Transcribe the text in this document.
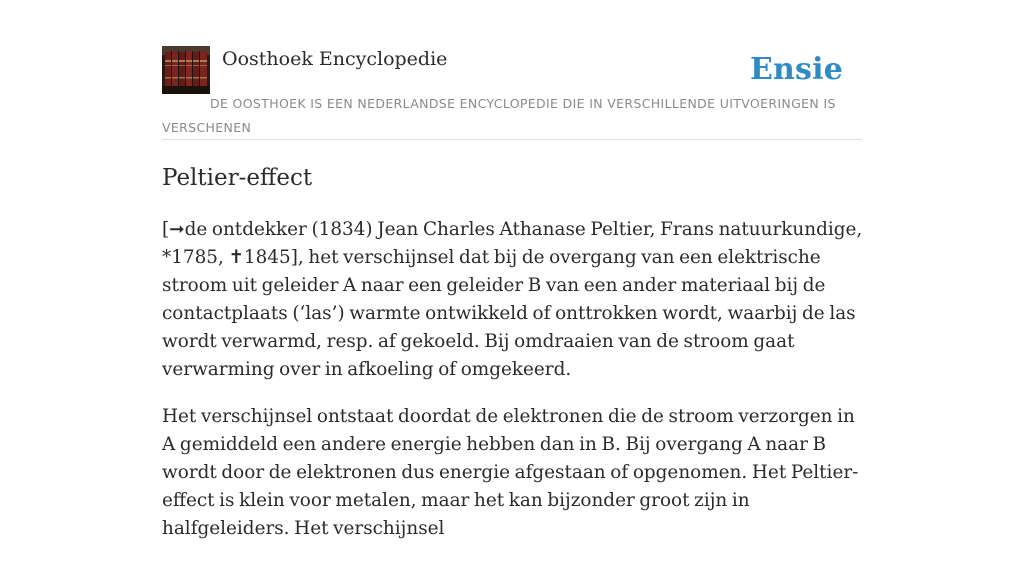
Oosthoek Encyclopedie	Ensie
DE OOSTHOEK IS EEN NEDERLANDSE ENCYCLOPEDIE DIE IN VERSCHILLENDE UITVOERINGEN IS VERSCHENEN
Peltier-effect

[➞de ontdekker (1834) Jean Charles Athanase Peltier, Frans natuurkundige, *1785, ✝1845], het verschijnsel dat bij de overgang van een elektrische stroom uit geleider A naar een geleider B van een ander materiaal bij de contactplaats (‘las’) warmte ontwikkeld of onttrokken wordt, waarbij de las wordt verwarmd, resp. af gekoeld. Bij omdraaien van de stroom gaat verwarming over in afkoeling of omgekeerd.

Het verschijnsel ontstaat doordat de elektronen die de stroom verzorgen in A gemiddeld een andere energie hebben dan in B. Bij overgang A naar B wordt door de elektronen dus energie afgestaan of opgenomen. Het Peltier-effect is klein voor metalen, maar het kan bijzonder groot zijn in halfgeleiders. Het verschijnsel
